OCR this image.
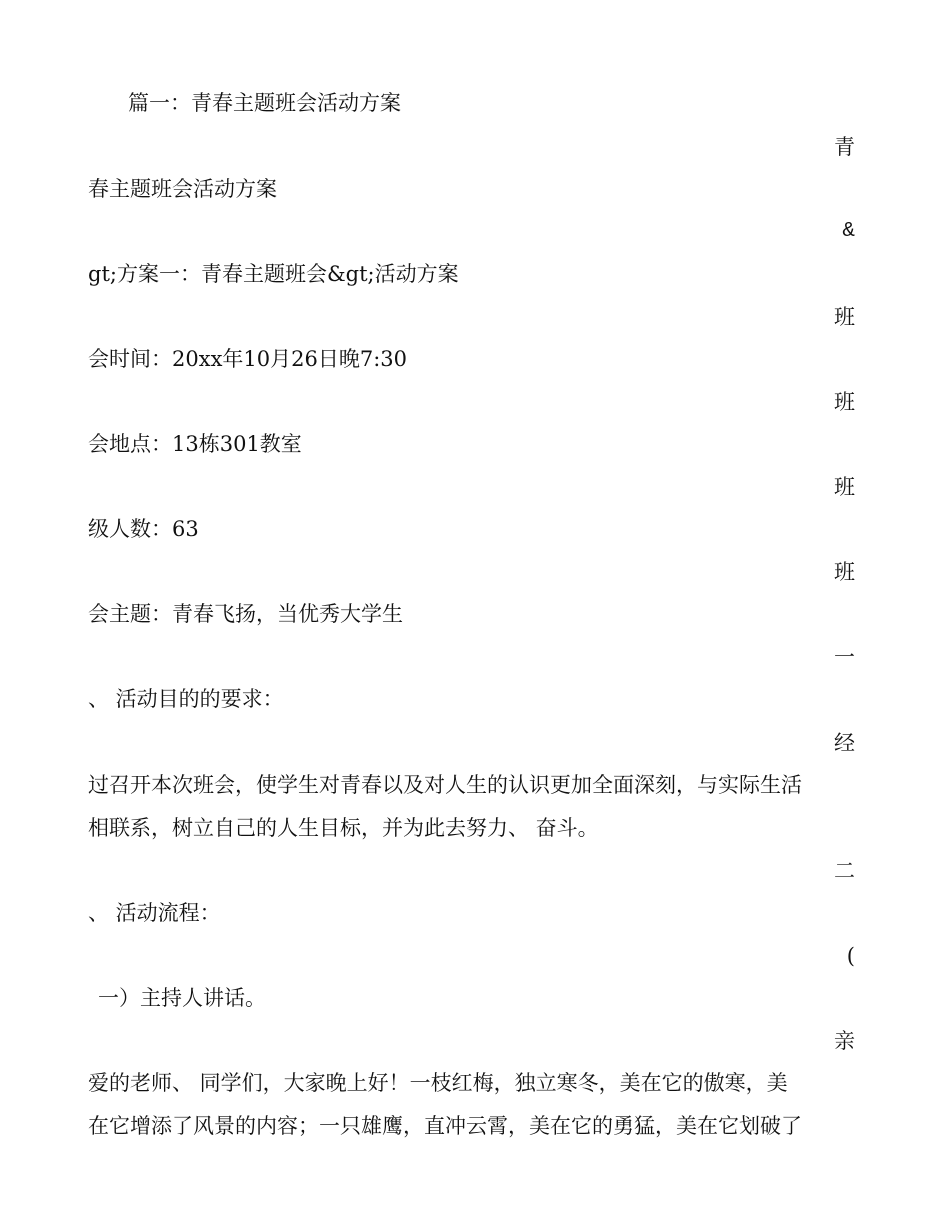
篇一：青春主题班会活动方案
青
春主题班会活动方案
&
gt;方案一：青春主题班会&gt;活动方案
班
会时间：20xx年10月26日晚7:30
班
会地点：13栋301教室
班
级人数：63
班
会主题：青春飞扬，当优秀大学生
一
、 活动目的的要求：
经
过召开本次班会，使学生对青春以及对人生的认识更加全面深刻，与实际生活
相联系，树立自己的人生目标，并为此去努力、 奋斗。
二
、 活动流程：
(
一）主持人讲话。
亲
爱的老师、 同学们，大家晚上好！一枝红梅，独立寒冬，美在它的傲寒，美
在它增添了风景的内容；一只雄鹰，直冲云霄，美在它的勇猛，美在它划破了
